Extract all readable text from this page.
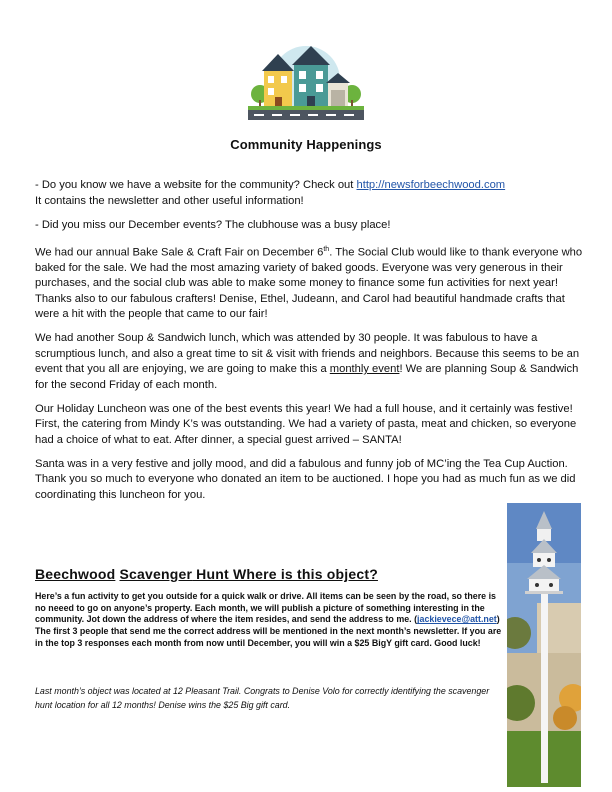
Community Happenings

- Do you know we have a website for the community? Check out http://newsforbeechwood.com
It contains the newsletter and other useful information!

- Did you miss our December events? The clubhouse was a busy place!

We had our annual Bake Sale & Craft Fair on December 6th. The Social Club would like to thank everyone who baked for the sale. We had the most amazing variety of baked goods. Everyone was very generous in their purchases, and the social club was able to make some money to finance some fun activities for next year!
Thanks also to our fabulous crafters! Denise, Ethel, Judeann, and Carol had beautiful handmade crafts that were a hit with the people that came to our fair!

We had another Soup & Sandwich lunch, which was attended by 30 people. It was fabulous to have a scrumptious lunch, and also a great time to sit & visit with friends and neighbors. Because this seems to be an event that you all are enjoying, we are going to make this a monthly event! We are planning Soup & Sandwich for the second Friday of each month.

Our Holiday Luncheon was one of the best events this year! We had a full house, and it certainly was festive! First, the catering from Mindy K’s was outstanding. We had a variety of pasta, meat and chicken, so everyone had a choice of what to eat. After dinner, a special guest arrived – SANTA!

Santa was in a very festive and jolly mood, and did a fabulous and funny job of MC’ing the Tea Cup Auction. Thank you so much to everyone who donated an item to be auctioned. I hope you had as much fun as we did coordinating this luncheon for you.

Beechwood Scavenger Hunt Where is this object?
Here’s a fun activity to get you outside for a quick walk or drive. All items can be seen by the road, so there is no neeed to go on anyone’s property. Each month, we will publish a picture of something interesting in the community. Jot down the address of where the item resides, and send the address to me. (jackievece@att.net) The first 3 people that send me the correct address will be mentioned in the next month’s newsletter. If you are in the top 3 responses each month from now until December, you will win a $25 BigY gift card. Good luck!
Last month’s object was located at 12 Pleasant Trail. Congrats to Denise Volo for correctly identifying the scavenger hunt location for all 12 months! Denise wins the $25 Big gift card.
